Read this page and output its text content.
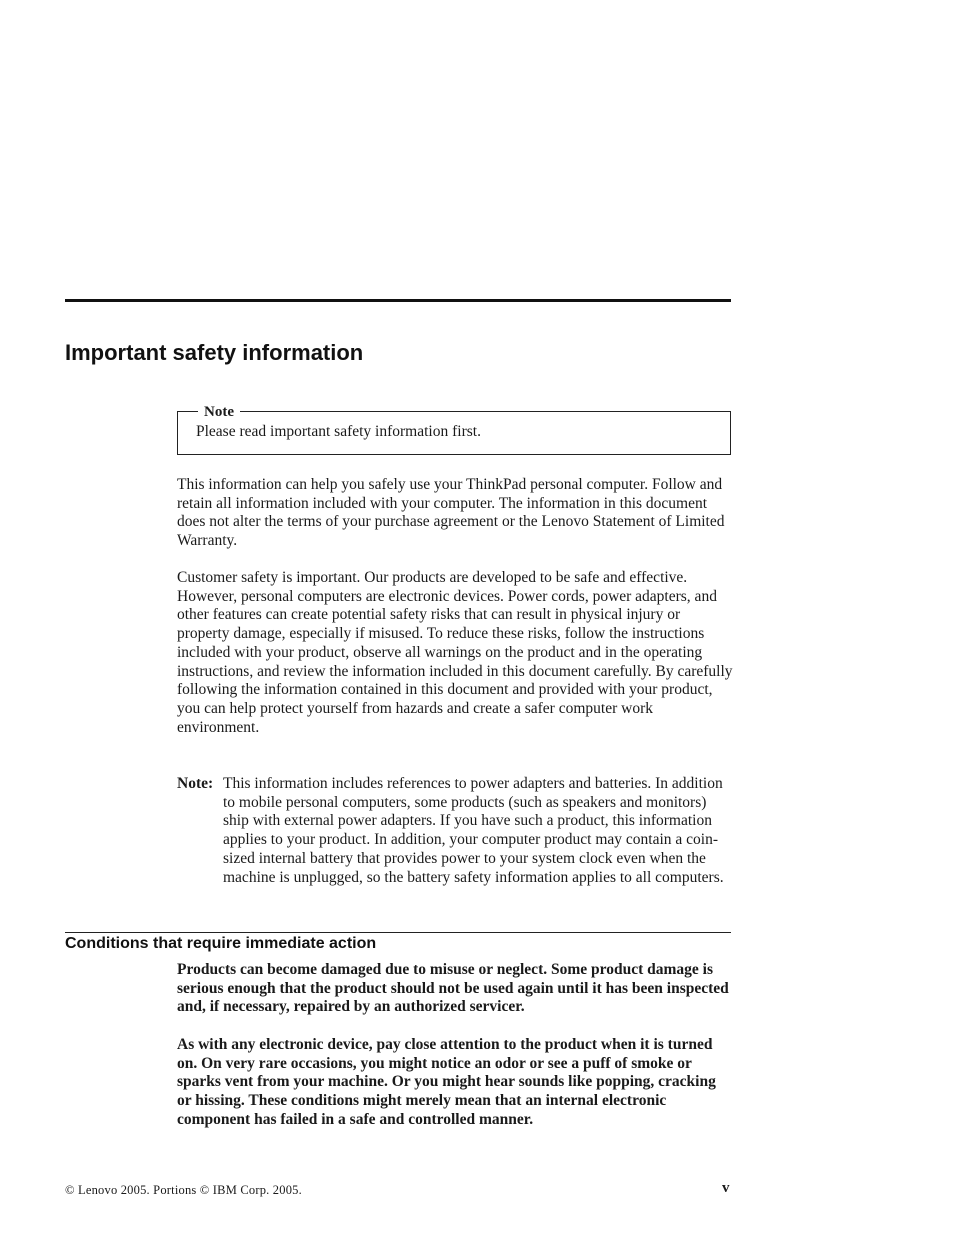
Important safety information
Note
Please read important safety information first.

This information can help you safely use your ThinkPad personal computer. Follow and retain all information included with your computer. The information in this document does not alter the terms of your purchase agreement or the Lenovo Statement of Limited Warranty.

Customer safety is important. Our products are developed to be safe and effective. However, personal computers are electronic devices. Power cords, power adapters, and other features can create potential safety risks that can result in physical injury or property damage, especially if misused. To reduce these risks, follow the instructions included with your product, observe all warnings on the product and in the operating instructions, and review the information included in this document carefully. By carefully following the information contained in this document and provided with your product, you can help protect yourself from hazards and create a safer computer work environment.

Note: This information includes references to power adapters and batteries. In addition to mobile personal computers, some products (such as speakers and monitors) ship with external power adapters. If you have such a product, this information applies to your product. In addition, your computer product may contain a coin-sized internal battery that provides power to your system clock even when the machine is unplugged, so the battery safety information applies to all computers.
Conditions that require immediate action

Products can become damaged due to misuse or neglect. Some product damage is serious enough that the product should not be used again until it has been inspected and, if necessary, repaired by an authorized servicer.

As with any electronic device, pay close attention to the product when it is turned on. On very rare occasions, you might notice an odor or see a puff of smoke or sparks vent from your machine. Or you might hear sounds like popping, cracking or hissing. These conditions might merely mean that an internal electronic component has failed in a safe and controlled manner.

© Lenovo 2005. Portions © IBM Corp. 2005.	v
